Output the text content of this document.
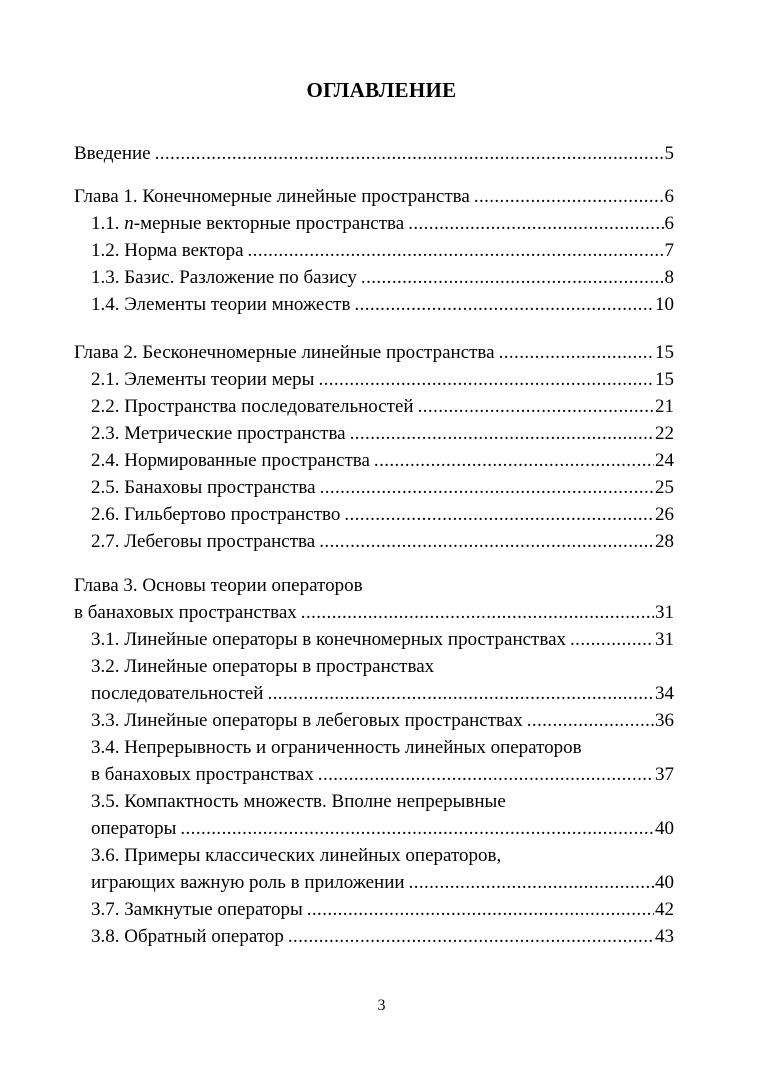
ОГЛАВЛЕНИЕ
Введение .....	5
Глава 1. Конечномерные линейные пространства .....	6
1.1. n-мерные векторные пространства .....	6
1.2. Норма вектора .....	7
1.3. Базис. Разложение по базису .....	8
1.4. Элементы теории множеств .....	10
Глава 2. Бесконечномерные линейные пространства .....	15
2.1. Элементы теории меры .....	15
2.2. Пространства последовательностей .....	21
2.3. Метрические пространства .....	22
2.4. Нормированные пространства .....	24
2.5. Банаховы пространства .....	25
2.6. Гильбертово пространство .....	26
2.7. Лебеговы пространства .....	28
Глава 3. Основы теории операторов
в банаховых пространствах .....	31
3.1. Линейные операторы в конечномерных пространствах .....	31
3.2. Линейные операторы в пространствах
последовательностей .....	34
3.3. Линейные операторы в лебеговых пространствах .....	36
3.4. Непрерывность и ограниченность линейных операторов
в банаховых пространствах .....	37
3.5. Компактность множеств. Вполне непрерывные
операторы .....	40
3.6. Примеры классических линейных операторов,
играющих важную роль в приложении .....	40
3.7. Замкнутые операторы .....	42
3.8. Обратный оператор .....	43
3
